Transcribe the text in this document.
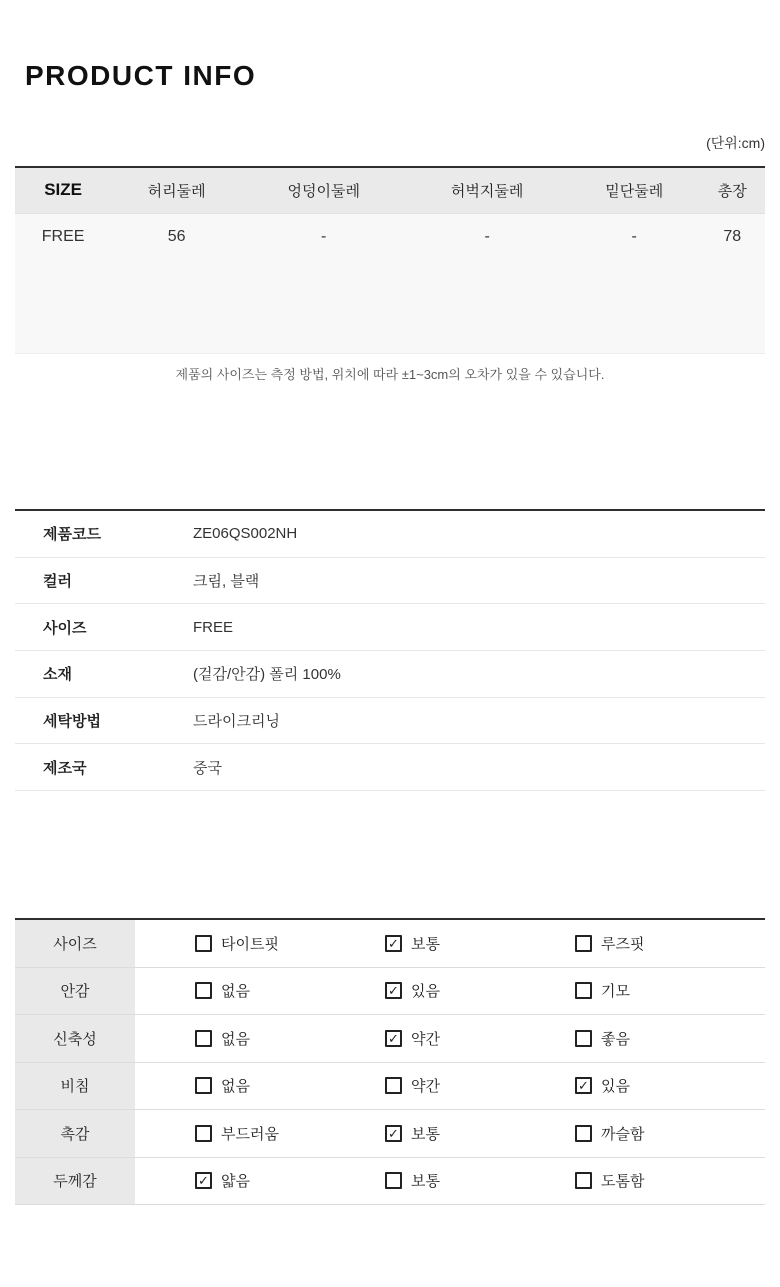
PRODUCT INFO
(단위:cm)
SIZE	허리둘레	엉덩이둘레	허벅지둘레	밑단둘레	총장
FREE	56	-	-	-	78

제품의 사이즈는 측정 방법, 위치에 따라 ±1~3cm의 오차가 있을 수 있습니다.

제품코드	ZE06QS002NH
컬러	크림, 블랙
사이즈	FREE
소재	(겉감/안감) 폴리 100%
세탁방법	드라이크리닝
제조국	중국
사이즈	타이트핏	✓ 보통	루즈핏
안감	없음	✓ 있음	기모
신축성	없음	✓ 약간	좋음
비침	없음	약간	✓ 있음
촉감	부드러움	✓ 보통	까슬함
두께감	✓ 얇음	보통	도톰함
